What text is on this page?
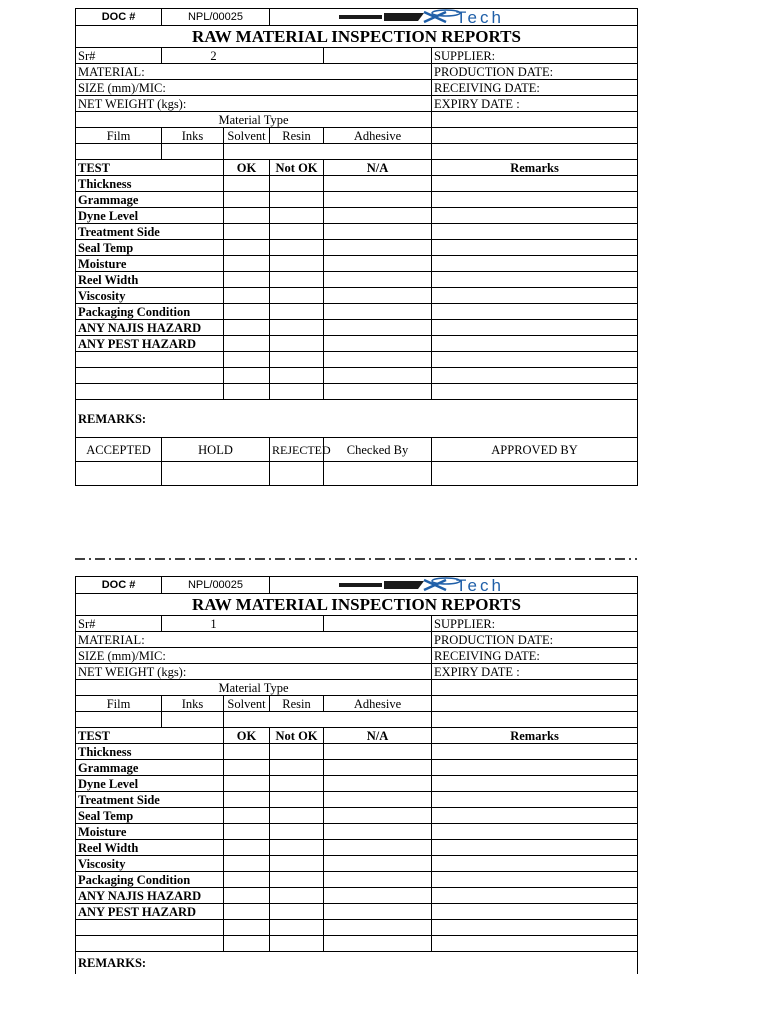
DOC #	NPL/00025		Tech		

RAW MATERIAL INSPECTION REPORTS					
Sr#	2				SUPPLIER:
MATERIAL:					PRODUCTION DATE:
SIZE (mm)/MIC:					RECEIVING DATE:
NET WEIGHT (kgs):					EXPIRY DATE :
Material Type					
Film	Inks	Solvent	Resin	Adhesive	

TEST		OK	Not OK	N/A	Remarks
Thickness					
Grammage					
Dyne Level					
Treatment Side					
Seal Temp					
Moisture					
Reel Width					
Viscosity					
Packaging Condition					
ANY NAJIS HAZARD					
ANY PEST HAZARD					

REMARKS:					
ACCEPTED	HOLD		REJECTED	Checked By	APPROVED BY

DOC #	NPL/00025		Tech		

RAW MATERIAL INSPECTION REPORTS					
Sr#	1				SUPPLIER:
MATERIAL:					PRODUCTION DATE:
SIZE (mm)/MIC:					RECEIVING DATE:
NET WEIGHT (kgs):					EXPIRY DATE :
Material Type					
Film	Inks	Solvent	Resin	Adhesive	

TEST		OK	Not OK	N/A	Remarks
Thickness					
Grammage					
Dyne Level					
Treatment Side					
Seal Temp					
Moisture					
Reel Width					
Viscosity					
Packaging Condition					
ANY NAJIS HAZARD					
ANY PEST HAZARD					

REMARKS:					
